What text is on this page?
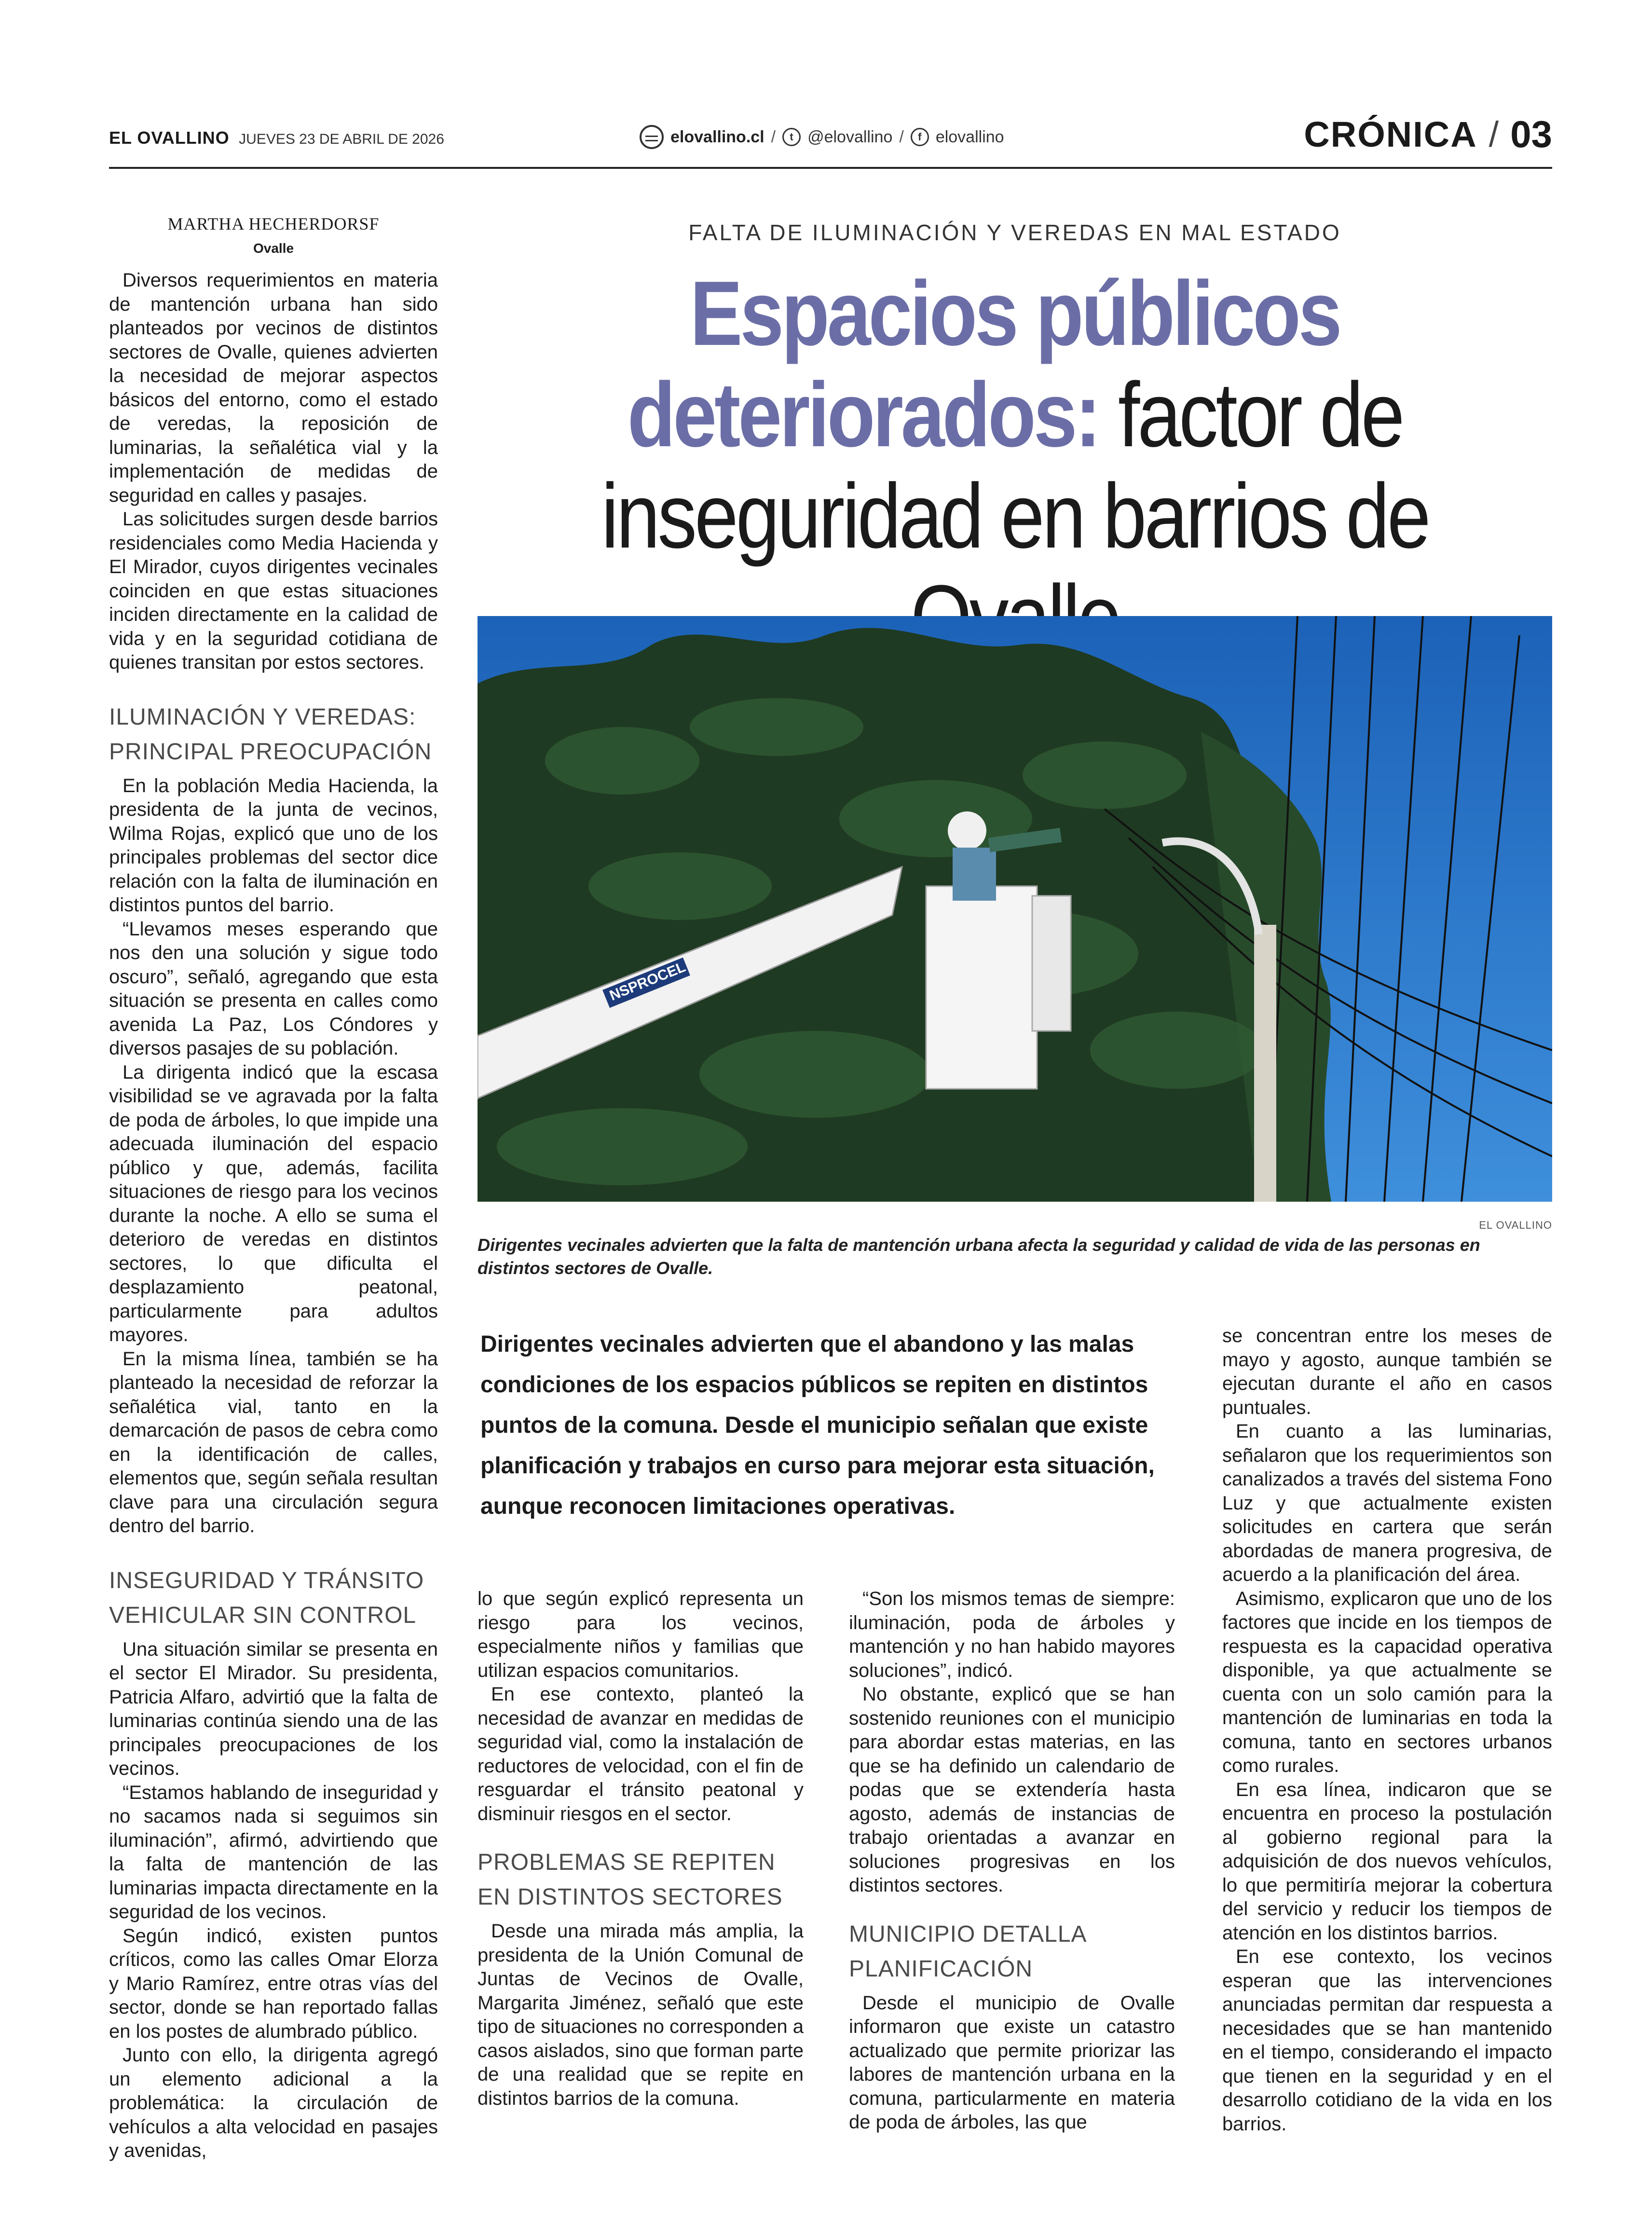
EL OVALLINO JUEVES 23 DE ABRIL DE 2026	elovallino.cl /	t @elovallino /	f elovallino	CRÓNICA / 03
FALTA DE ILUMINACIÓN Y VEREDAS EN MAL ESTADO
Espacios públicos
deteriorados: factor de
inseguridad en barrios de
NSPROCEL
EL OVALLINO
Dirigentes vecinales advierten que la falta de mantención urbana afecta la seguridad y calidad de vida de las personas en distintos sectores de Ovalle.
Dirigentes vecinales advierten que el abandono y las malas condiciones de los espacios públicos se repiten en distintos puntos de la comuna. Desde el municipio señalan que existe planificación y trabajos en curso para mejorar esta situación, aunque reconocen limitaciones operativas.
MARTHA HECHERDORSF
Ovalle

Diversos requerimientos en materia de mantención urbana han sido planteados por vecinos de distintos sectores de Ovalle, quienes advierten la necesidad de mejorar aspectos básicos del entorno, como el estado de veredas, la reposición de luminarias, la señalética vial y la implementación de medidas de seguridad en calles y pasajes.

Las solicitudes surgen desde barrios residenciales como Media Hacienda y El Mirador, cuyos dirigentes vecinales coinciden en que estas situaciones inciden directamente en la calidad de vida y en la seguridad cotidiana de quienes transitan por estos sectores.

ILUMINACIÓN Y VEREDAS: PRINCIPAL PREOCUPACIÓN

En la población Media Hacienda, la presidenta de la junta de vecinos, Wilma Rojas, explicó que uno de los principales problemas del sector dice relación con la falta de iluminación en distintos puntos del barrio.

“Llevamos meses esperando que nos den una solución y sigue todo oscuro”, señaló, agregando que esta situación se presenta en calles como avenida La Paz, Los Cóndores y diversos pasajes de su población.

La dirigenta indicó que la escasa visibilidad se ve agravada por la falta de poda de árboles, lo que impide una adecuada iluminación del espacio público y que, además, facilita situaciones de riesgo para los vecinos durante la noche. A ello se suma el deterioro de veredas en distintos sectores, lo que dificulta el desplazamiento peatonal, particularmente para adultos mayores.

En la misma línea, también se ha planteado la necesidad de reforzar la señalética vial, tanto en la demarcación de pasos de cebra como en la identificación de calles, elementos que, según señala resultan clave para una circulación segura dentro del barrio.

INSEGURIDAD Y TRÁNSITO VEHICULAR SIN CONTROL

Una situación similar se presenta en el sector El Mirador. Su presidenta, Patricia Alfaro, advirtió que la falta de luminarias continúa siendo una de las principales preocupaciones de los vecinos.

“Estamos hablando de inseguridad y no sacamos nada si seguimos sin iluminación”, afirmó, advirtiendo que la falta de mantención de las luminarias impacta directamente en la seguridad de los vecinos.

Según indicó, existen puntos críticos, como las calles Omar Elorza y Mario Ramírez, entre otras vías del sector, donde se han reportado fallas en los postes de alumbrado público.

Junto con ello, la dirigenta agregó un elemento adicional a la problemática: la circulación de vehículos a alta velocidad en pasajes y avenidas,

lo que según explicó representa un riesgo para los vecinos, especialmente niños y familias que utilizan espacios comunitarios.

En ese contexto, planteó la necesidad de avanzar en medidas de seguridad vial, como la instalación de reductores de velocidad, con el fin de resguardar el tránsito peatonal y disminuir riesgos en el sector.

PROBLEMAS SE REPITEN EN DISTINTOS SECTORES

Desde una mirada más amplia, la presidenta de la Unión Comunal de Juntas de Vecinos de Ovalle, Margarita Jiménez, señaló que este tipo de situaciones no corresponden a casos aislados, sino que forman parte de una realidad que se repite en distintos barrios de la comuna.

“Son los mismos temas de siempre: iluminación, poda de árboles y mantención y no han habido mayores soluciones”, indicó.

No obstante, explicó que se han sostenido reuniones con el municipio para abordar estas materias, en las que se ha definido un calendario de podas que se extendería hasta agosto, además de instancias de trabajo orientadas a avanzar en soluciones progresivas en los distintos sectores.

MUNICIPIO DETALLA PLANIFICACIÓN

Desde el municipio de Ovalle informaron que existe un catastro actualizado que permite priorizar las labores de mantención urbana en la comuna, particularmente en materia de poda de árboles, las que

se concentran entre los meses de mayo y agosto, aunque también se ejecutan durante el año en casos puntuales.

En cuanto a las luminarias, señalaron que los requerimientos son canalizados a través del sistema Fono Luz y que actualmente existen solicitudes en cartera que serán abordadas de manera progresiva, de acuerdo a la planificación del área.

Asimismo, explicaron que uno de los factores que incide en los tiempos de respuesta es la capacidad operativa disponible, ya que actualmente se cuenta con un solo camión para la mantención de luminarias en toda la comuna, tanto en sectores urbanos como rurales.

En esa línea, indicaron que se encuentra en proceso la postulación al gobierno regional para la adquisición de dos nuevos vehículos, lo que permitiría mejorar la cobertura del servicio y reducir los tiempos de atención en los distintos barrios.

En ese contexto, los vecinos esperan que las intervenciones anunciadas permitan dar respuesta a necesidades que se han mantenido en el tiempo, considerando el impacto que tienen en la seguridad y en el desarrollo cotidiano de la vida en los barrios.
